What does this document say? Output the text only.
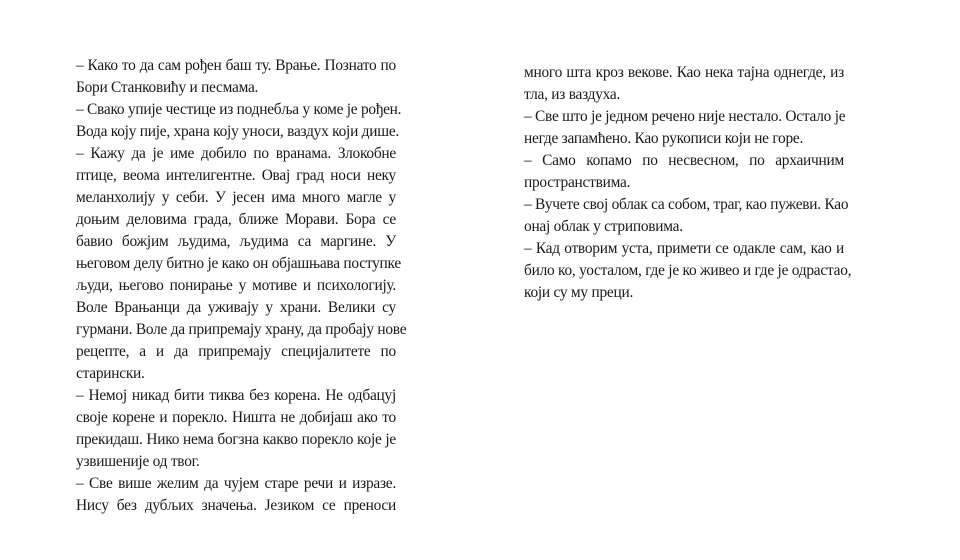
– Како то да сам рођен баш ту. Врање. Познато по
Бори Станковићу и песмама.
– Свако упије честице из поднебља у коме је рођен.
Вода коју пије, храна коју уноси, ваздух који дише.
– Кажу да је име добило по вранама. Злокобне
птице, веома интелигентне. Овај град носи неку
меланхолију у себи. У јесен има много магле у
доњим деловима града, ближе Морави. Бора се
бавио божјим људима, људима са маргине. У
његовом делу битно је како он објашњава поступке
људи, његово понирање у мотиве и психологију.
Воле Врањанци да уживају у храни. Велики су
гурмани. Воле да припремају храну, да пробају нове
рецепте, а и да припремају специјалитете по
старински.
– Немој никад бити тиква без корена. Не одбацуј
своје корене и порекло. Ништа не добијаш ако то
прекидаш. Нико нема богзна какво порекло које је
узвишеније од твог.
– Све више желим да чујем старе речи и изразе.
Нису без дубљих значења. Језиком се преноси
много шта кроз векове. Као нека тајна однегде, из
тла, из ваздуха.
– Све што је једном речено није нестало. Остало је
негде запамћено. Као рукописи који не горе.
– Само копамо по несвесном, по архаичним
пространствима.
– Вучете свој облак са собом, траг, као пужеви. Као
онај облак у стриповима.
– Кад отворим уста, примети се одакле сам, као и
било ко, уосталом, где је ко живео и где је одрастао,
који су му преци.
